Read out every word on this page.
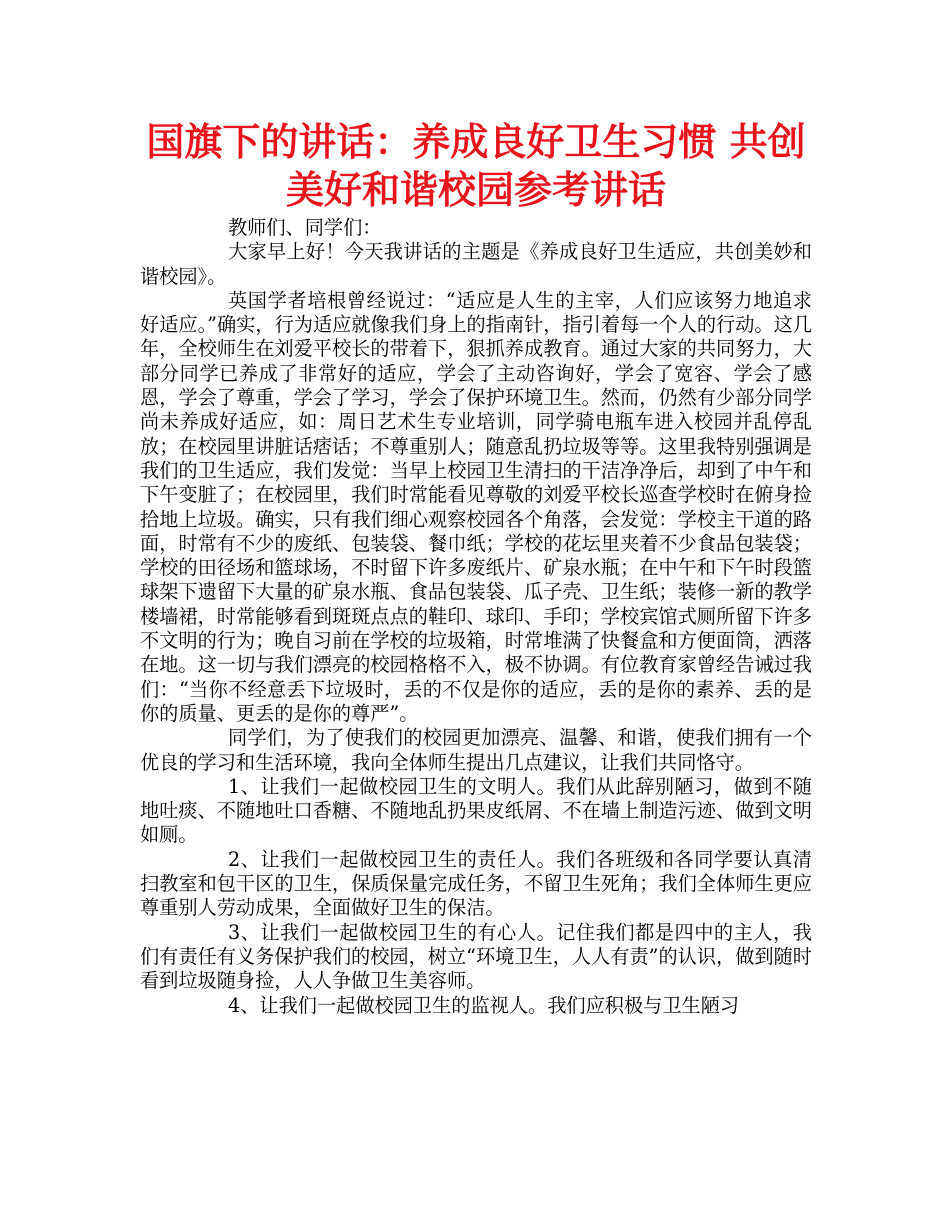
国旗下的讲话：养成良好卫生习惯 共创美好和谐校园参考讲话

教师们、同学们：

大家早上好！今天我讲话的主题是《养成良好卫生适应，共创美妙和谐校园》。

英国学者培根曾经说过：“适应是人生的主宰，人们应该努力地追求好适应。”确实，行为适应就像我们身上的指南针，指引着每一个人的行动。这几年，全校师生在刘爱平校长的带着下，狠抓养成教育。通过大家的共同努力，大部分同学已养成了非常好的适应，学会了主动咨询好，学会了宽容、学会了感恩，学会了尊重，学会了学习，学会了保护环境卫生。然而，仍然有少部分同学尚未养成好适应，如：周日艺术生专业培训，同学骑电瓶车进入校园并乱停乱放；在校园里讲脏话痞话；不尊重别人；随意乱扔垃圾等等。这里我特别强调是我们的卫生适应，我们发觉：当早上校园卫生清扫的干洁净净后，却到了中午和下午变脏了；在校园里，我们时常能看见尊敬的刘爱平校长巡查学校时在俯身捡拾地上垃圾。确实，只有我们细心观察校园各个角落，会发觉：学校主干道的路面，时常有不少的废纸、包装袋、餐巾纸；学校的花坛里夹着不少食品包装袋；学校的田径场和篮球场，不时留下许多废纸片、矿泉水瓶；在中午和下午时段篮球架下遗留下大量的矿泉水瓶、食品包装袋、瓜子壳、卫生纸；装修一新的教学楼墙裙，时常能够看到斑斑点点的鞋印、球印、手印；学校宾馆式厕所留下许多不文明的行为；晚自习前在学校的垃圾箱，时常堆满了快餐盒和方便面筒，洒落在地。这一切与我们漂亮的校园格格不入，极不协调。有位教育家曾经告诫过我们：“当你不经意丢下垃圾时，丢的不仅是你的适应，丢的是你的素养、丢的是你的质量、更丢的是你的尊严”。

同学们，为了使我们的校园更加漂亮、温馨、和谐，使我们拥有一个优良的学习和生活环境，我向全体师生提出几点建议，让我们共同恪守。

1、让我们一起做校园卫生的文明人。我们从此辞别陋习，做到不随地吐痰、不随地吐口香糖、不随地乱扔果皮纸屑、不在墙上制造污迹、做到文明如厕。

2、让我们一起做校园卫生的责任人。我们各班级和各同学要认真清扫教室和包干区的卫生，保质保量完成任务，不留卫生死角；我们全体师生更应尊重别人劳动成果，全面做好卫生的保洁。

3、让我们一起做校园卫生的有心人。记住我们都是四中的主人，我们有责任有义务保护我们的校园，树立“环境卫生，人人有责”的认识，做到随时看到垃圾随身捡，人人争做卫生美容师。

4、让我们一起做校园卫生的监视人。我们应积极与卫生陋习
